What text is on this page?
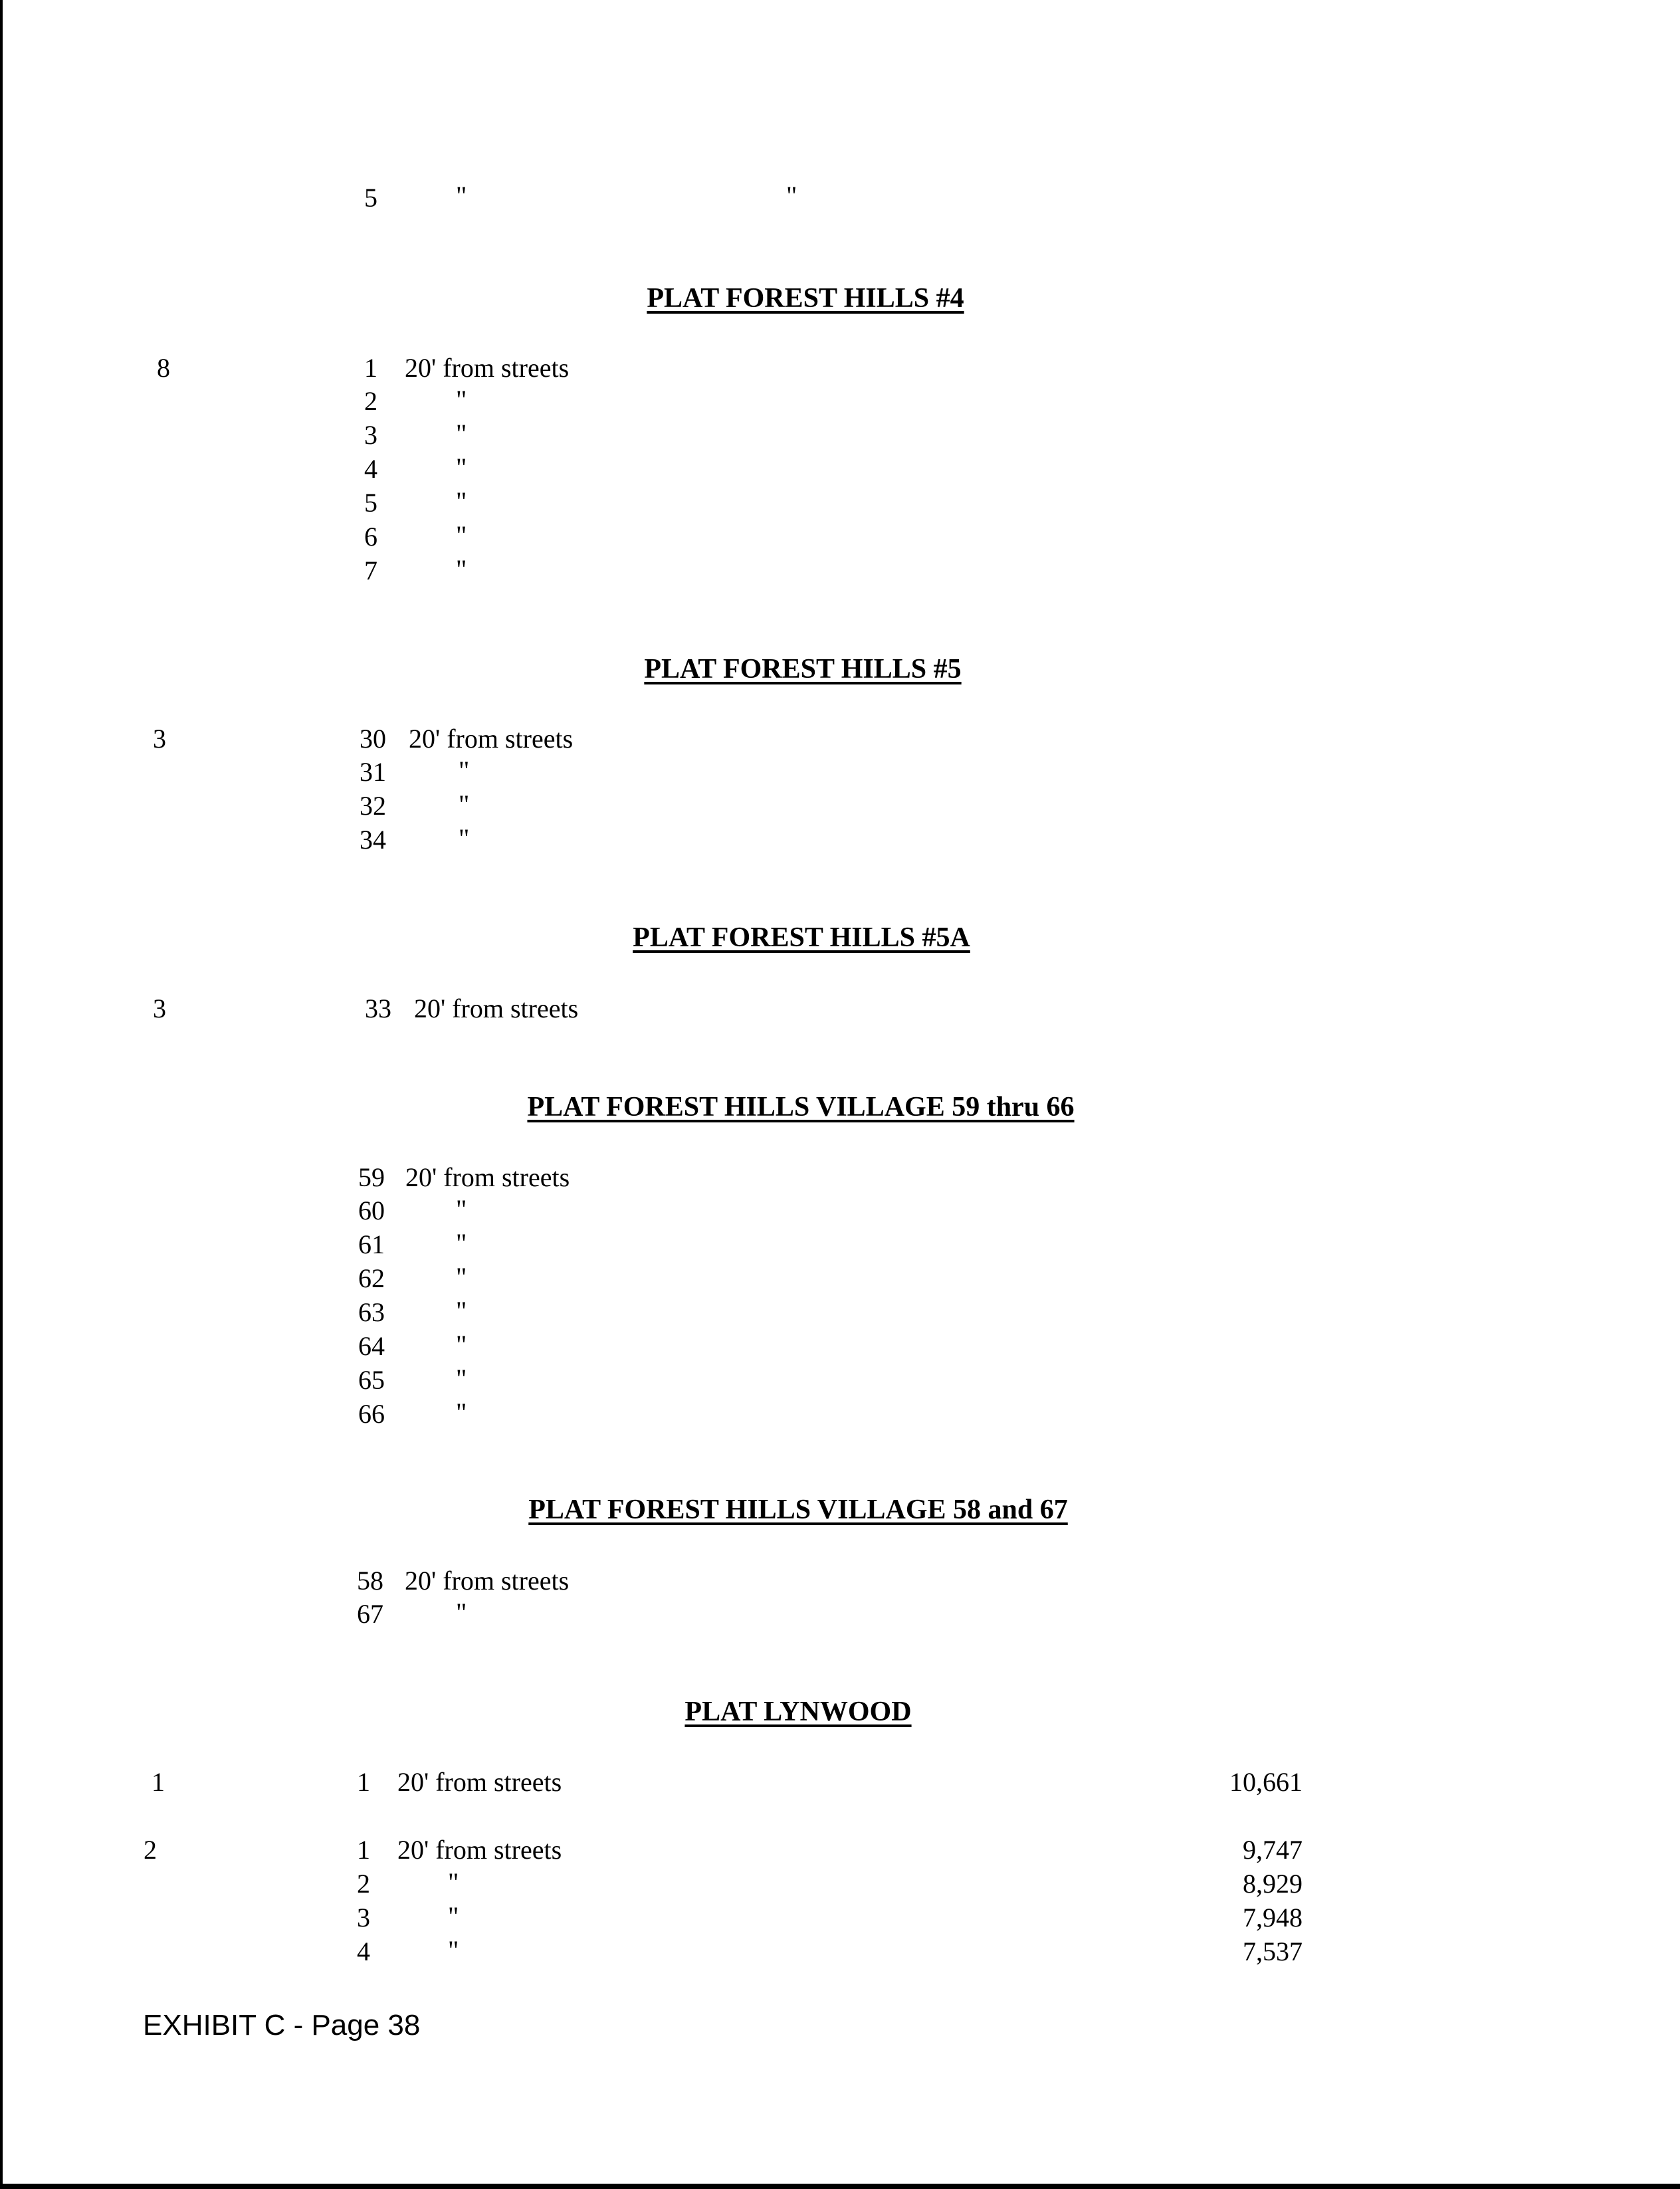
5	"	"
PLAT FOREST HILLS #4
8	1 20' from streets
2	"
3	"
4	"
5	"
6	"
7	"
PLAT FOREST HILLS #5
3	30 20' from streets
31	"
32	"
34	"
PLAT FOREST HILLS #5A
3	33 20' from streets
PLAT FOREST HILLS VILLAGE 59 thru 66
59 20' from streets
60	"
61	"
62	"
63	"
64	"
65	"
66	"
PLAT FOREST HILLS VILLAGE 58 and 67
58 20' from streets
67	"
PLAT LYNWOOD
1	1 20' from streets	10,661
2	1 20' from streets	9,747
2	"	8,929
3	"	7,948
4	"	7,537
EXHIBIT C - Page 38
